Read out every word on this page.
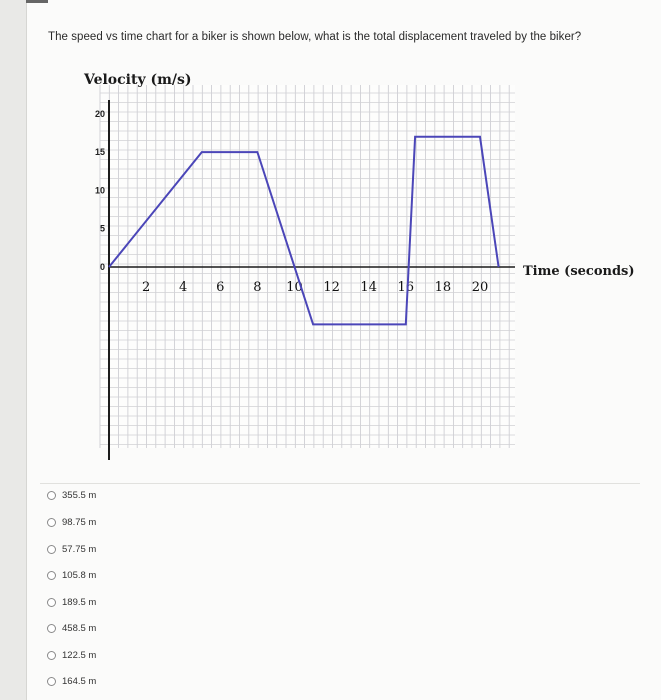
The speed vs time chart for a biker is shown below, what is the total displacement traveled by the biker?
20
15
10
5
0
2 4 6 8 10 12 14 16 18 20
Velocity (m/s)
Time (seconds)
355.5 m
98.75 m
57.75 m
105.8 m
189.5 m
458.5 m
122.5 m
164.5 m
